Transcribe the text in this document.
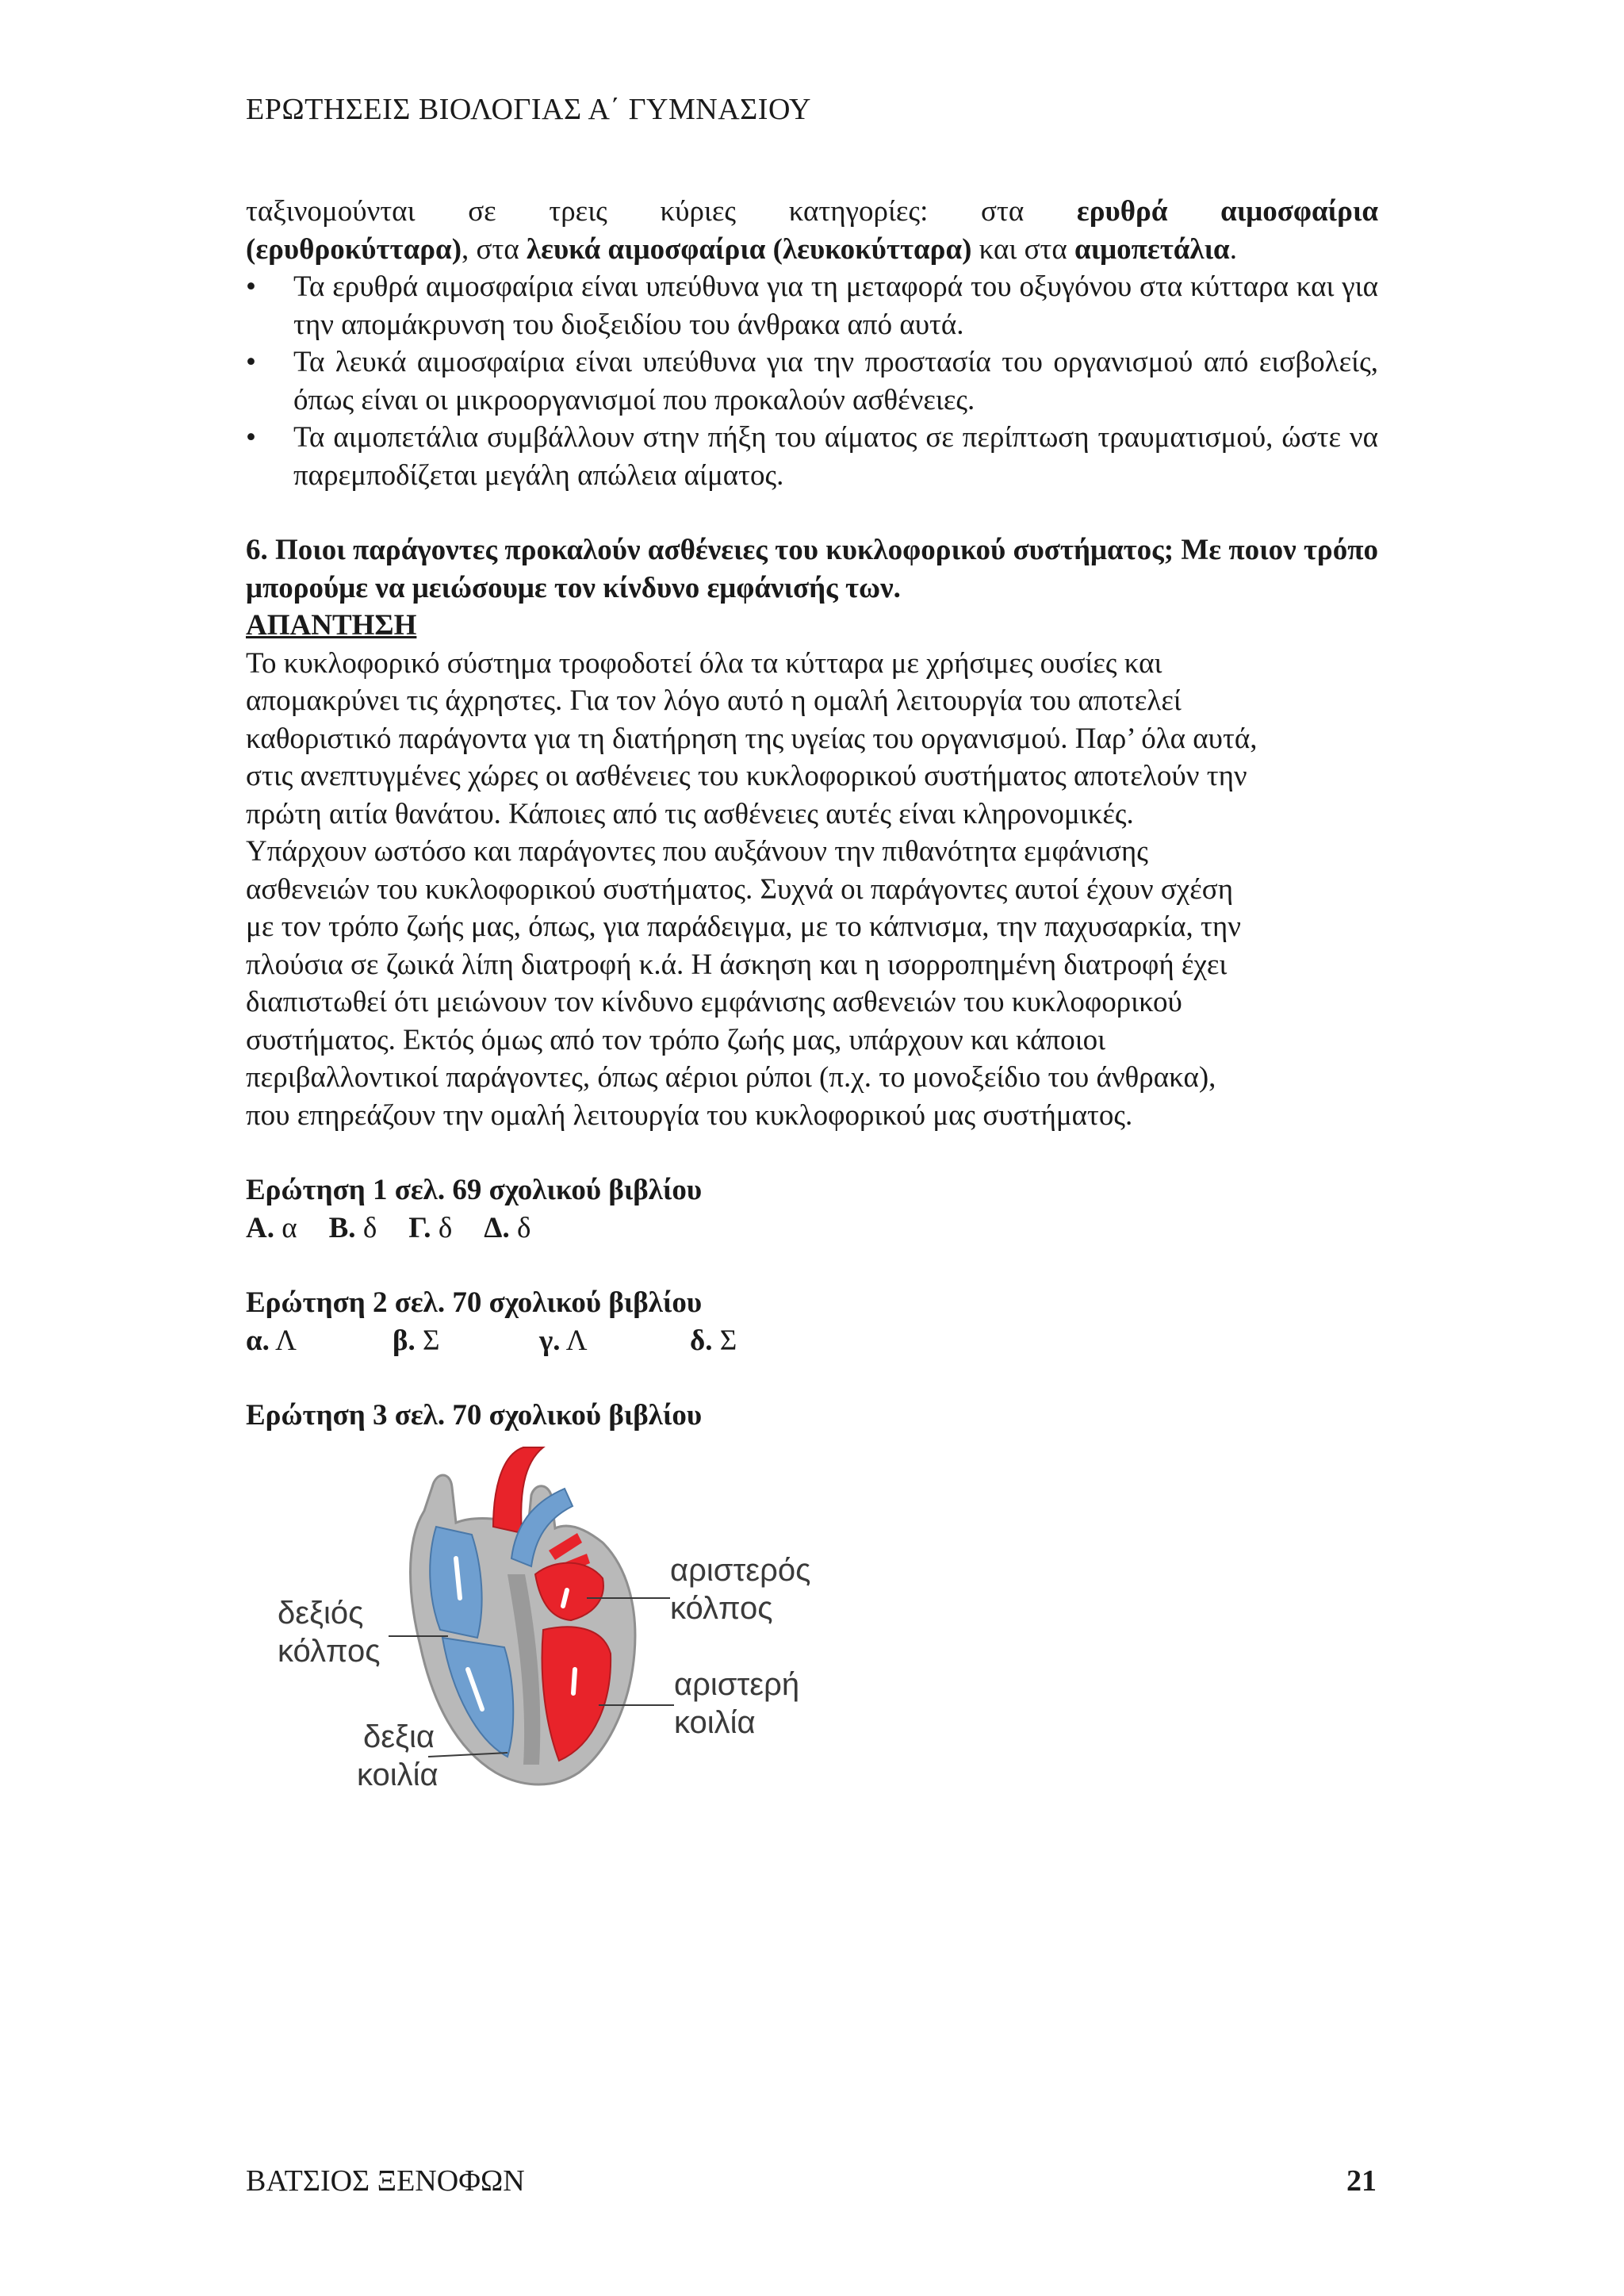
ΕΡΩΤΗΣΕΙΣ ΒΙΟΛΟΓΙΑΣ Α΄ ΓΥΜΝΑΣΙΟΥ
ταξινομούνται σε τρεις κύριες κατηγορίες: στα ερυθρά αιμοσφαίρια
(ερυθροκύτταρα), στα λευκά αιμοσφαίρια (λευκοκύτταρα) και στα αιμοπετάλια.
•	Τα ερυθρά αιμοσφαίρια είναι υπεύθυνα για τη μεταφορά του οξυγόνου στα κύτταρα και για την απομάκρυνση του διοξειδίου του άνθρακα από αυτά.
•	Τα λευκά αιμοσφαίρια είναι υπεύθυνα για την προστασία του οργανισμού από εισβολείς, όπως είναι οι μικροοργανισμοί που προκαλούν ασθένειες.
•	Τα αιμοπετάλια συμβάλλουν στην πήξη του αίματος σε περίπτωση τραυματισμού, ώστε να παρεμποδίζεται μεγάλη απώλεια αίματος.
6. Ποιοι παράγοντες προκαλούν ασθένειες του κυκλοφορικού συστήματος; Με ποιον τρόπο μπορούμε να μειώσουμε τον κίνδυνο εμφάνισής των.
ΑΠΑΝΤΗΣΗ
Το κυκλοφορικό σύστημα τροφοδοτεί όλα τα κύτταρα με χρήσιμες ουσίες και
απομακρύνει τις άχρηστες. Για τον λόγο αυτό η ομαλή λειτουργία του αποτελεί
καθοριστικό παράγοντα για τη διατήρηση της υγείας του οργανισμού. Παρ’ όλα αυτά,
στις ανεπτυγμένες χώρες οι ασθένειες του κυκλοφορικού συστήματος αποτελούν την
πρώτη αιτία θανάτου. Κάποιες από τις ασθένειες αυτές είναι κληρονομικές.
Υπάρχουν ωστόσο και παράγοντες που αυξάνουν την πιθανότητα εμφάνισης
ασθενειών του κυκλοφορικού συστήματος. Συχνά οι παράγοντες αυτοί έχουν σχέση
με τον τρόπο ζωής μας, όπως, για παράδειγμα, με το κάπνισμα, την παχυσαρκία, την
πλούσια σε ζωικά λίπη διατροφή κ.ά. Η άσκηση και η ισορροπημένη διατροφή έχει
διαπιστωθεί ότι μειώνουν τον κίνδυνο εμφάνισης ασθενειών του κυκλοφορικού
συστήματος. Εκτός όμως από τον τρόπο ζωής μας, υπάρχουν και κάποιοι
περιβαλλοντικοί παράγοντες, όπως αέριοι ρύποι (π.χ. το μονοξείδιο του άνθρακα),
που επηρεάζουν την ομαλή λειτουργία του κυκλοφορικού μας συστήματος.
Ερώτηση 1 σελ. 69 σχολικού βιβλίου
Α. α Β. δ Γ. δ Δ. δ
Ερώτηση 2 σελ. 70 σχολικού βιβλίου
α. Λ	β. Σ	γ. Λ	δ. Σ
Ερώτηση 3 σελ. 70 σχολικού βιβλίου
αριστερός
κόλπος
δεξιός
κόλπος
αριστερή
κοιλία
δεξια
κοιλία
ΒΑΤΣΙΟΣ ΞΕΝΟΦΩΝ	21
